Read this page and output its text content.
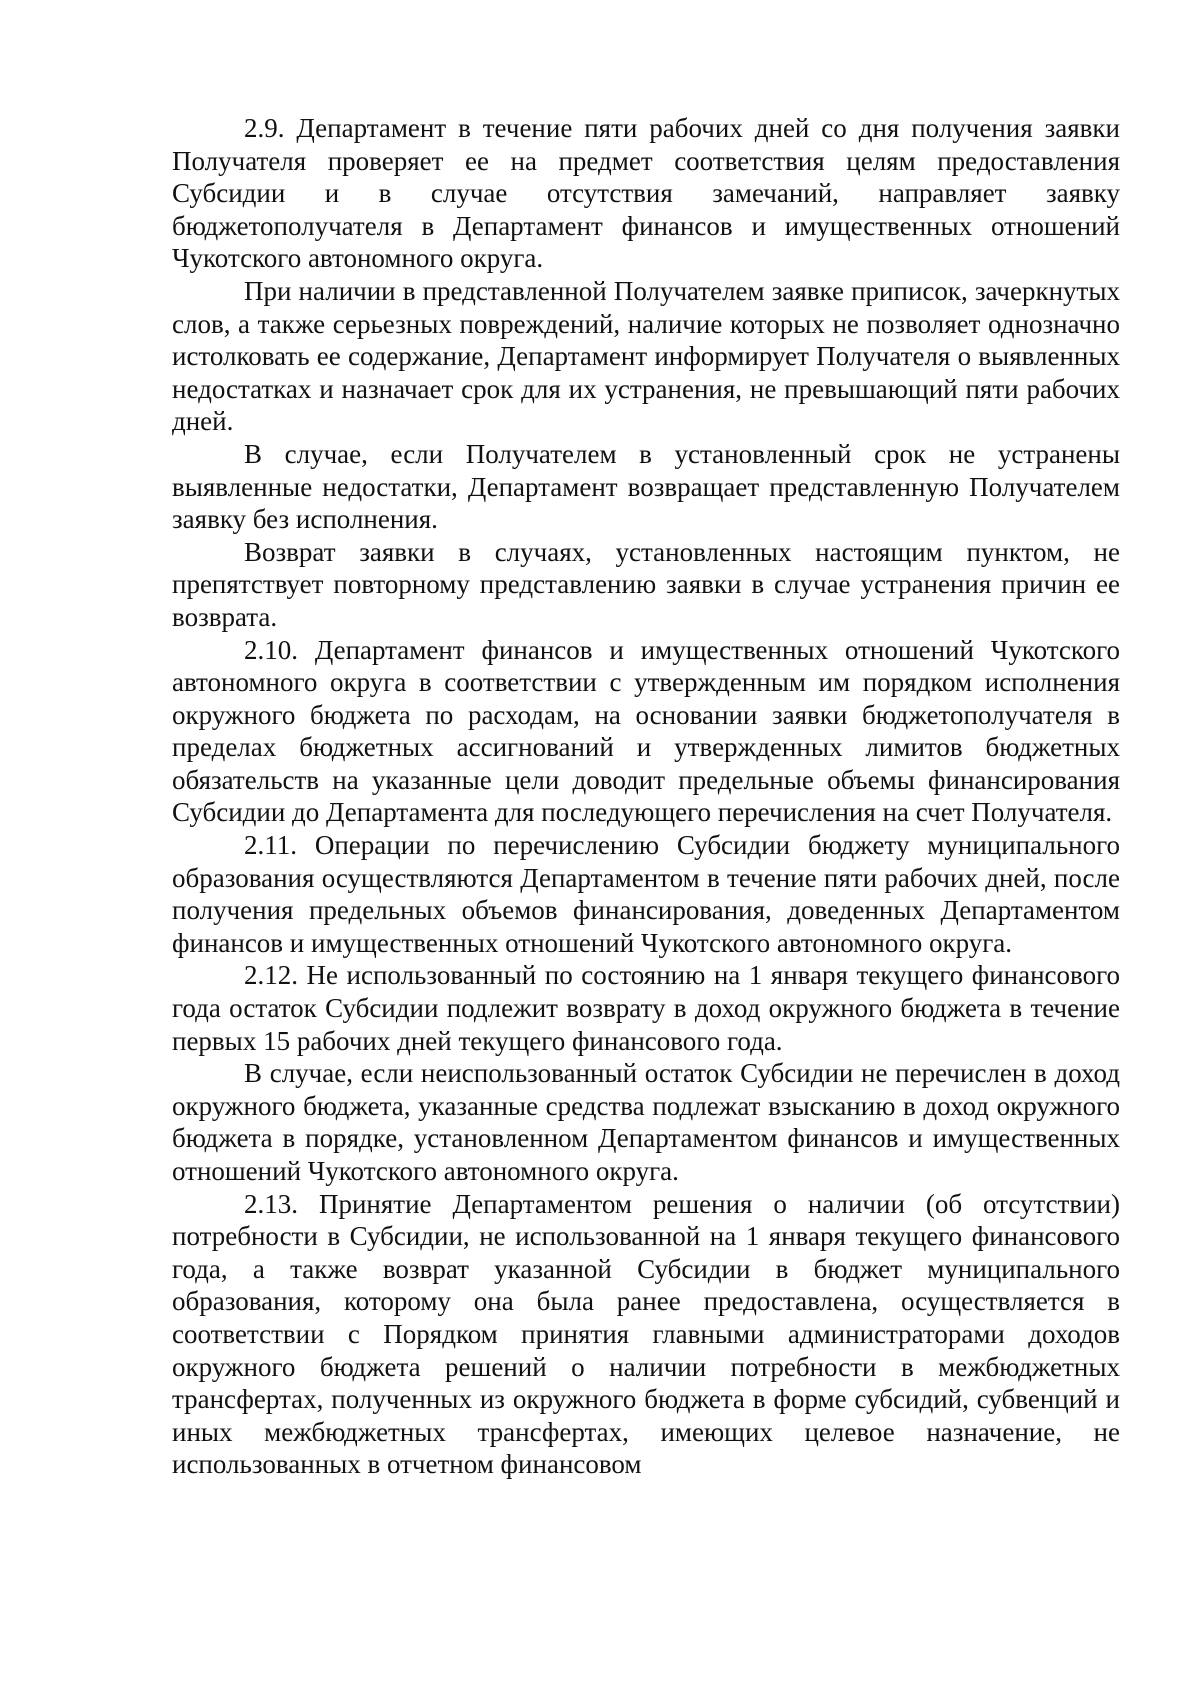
2.9. Департамент в течение пяти рабочих дней со дня получения заявки Получателя проверяет ее на предмет соответствия целям предоставления Субсидии и в случае отсутствия замечаний, направляет заявку бюджетополучателя в Департамент финансов и имущественных отношений Чукотского автономного округа.

При наличии в представленной Получателем заявке приписок, зачеркнутых слов, а также серьезных повреждений, наличие которых не позволяет однозначно истолковать ее содержание, Департамент информирует Получателя о выявленных недостатках и назначает срок для их устранения, не превышающий пяти рабочих дней.

В случае, если Получателем в установленный срок не устранены выявленные недостатки, Департамент возвращает представленную Получателем заявку без исполнения.

Возврат заявки в случаях, установленных настоящим пунктом, не препятствует повторному представлению заявки в случае устранения причин ее возврата.

2.10. Департамент финансов и имущественных отношений Чукотского автономного округа в соответствии с утвержденным им порядком исполнения окружного бюджета по расходам, на основании заявки бюджетополучателя в пределах бюджетных ассигнований и утвержденных лимитов бюджетных обязательств на указанные цели доводит предельные объемы финансирования Субсидии до Департамента для последующего перечисления на счет Получателя.

2.11. Операции по перечислению Субсидии бюджету муниципального образования осуществляются Департаментом в течение пяти рабочих дней, после получения предельных объемов финансирования, доведенных Департаментом финансов и имущественных отношений Чукотского автономного округа.

2.12. Не использованный по состоянию на 1 января текущего финансового года остаток Субсидии подлежит возврату в доход окружного бюджета в течение первых 15 рабочих дней текущего финансового года.

В случае, если неиспользованный остаток Субсидии не перечислен в доход окружного бюджета, указанные средства подлежат взысканию в доход окружного бюджета в порядке, установленном Департаментом финансов и имущественных отношений Чукотского автономного округа.

2.13. Принятие Департаментом решения о наличии (об отсутствии) потребности в Субсидии, не использованной на 1 января текущего финансового года, а также возврат указанной Субсидии в бюджет муниципального образования, которому она была ранее предоставлена, осуществляется в соответствии с Порядком принятия главными администраторами доходов окружного бюджета решений о наличии потребности в межбюджетных трансфертах, полученных из окружного бюджета в форме субсидий, субвенций и иных межбюджетных трансфертах, имеющих целевое назначение, не использованных в отчетном финансовом
